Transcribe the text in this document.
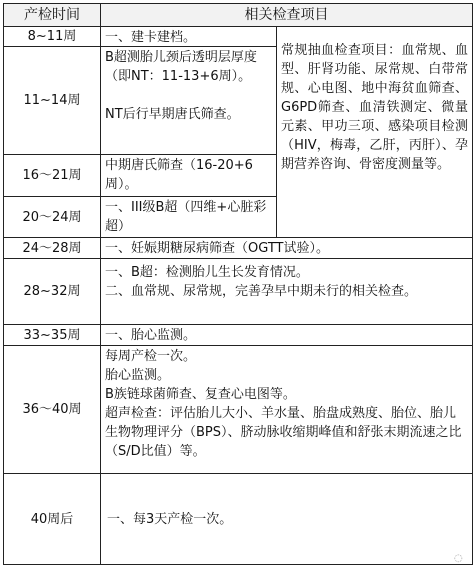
产检时间	相关检查项目
8~11周 一、建卡建档。

11~14周

B超测胎儿颈后透明层厚度（即NT：11-13+6周）。

NT后行早期唐氏筛查。

16～21周

中期唐氏筛查（16-20+6周）。

20～24周

一、III级B超（四维+心脏彩超）

常规抽血检查项目：血常规、血型、肝肾功能、尿常规、白带常规、心电图、地中海贫血筛查、G6PD筛查、血清铁测定、微量元素、甲功三项、感染项目检测（HIV，梅毒，乙肝，丙肝）、孕期营养咨询、骨密度测量等。

24～28周 一、妊娠期糖尿病筛查（OGTT试验）。

28~32周

一、B超：检测胎儿生长发育情况。

二、血常规、尿常规，完善孕早中期未行的相关检查。

33~35周 一、胎心监测。

36～40周

每周产检一次。

胎心监测。

B族链球菌筛查、复查心电图等。

超声检查：评估胎儿大小、羊水量、胎盘成熟度、胎位、胎儿生物物理评分（BPS）、脐动脉收缩期峰值和舒张末期流速之比（S/D比值）等。

40周后	一、每3天产检一次。

◌
